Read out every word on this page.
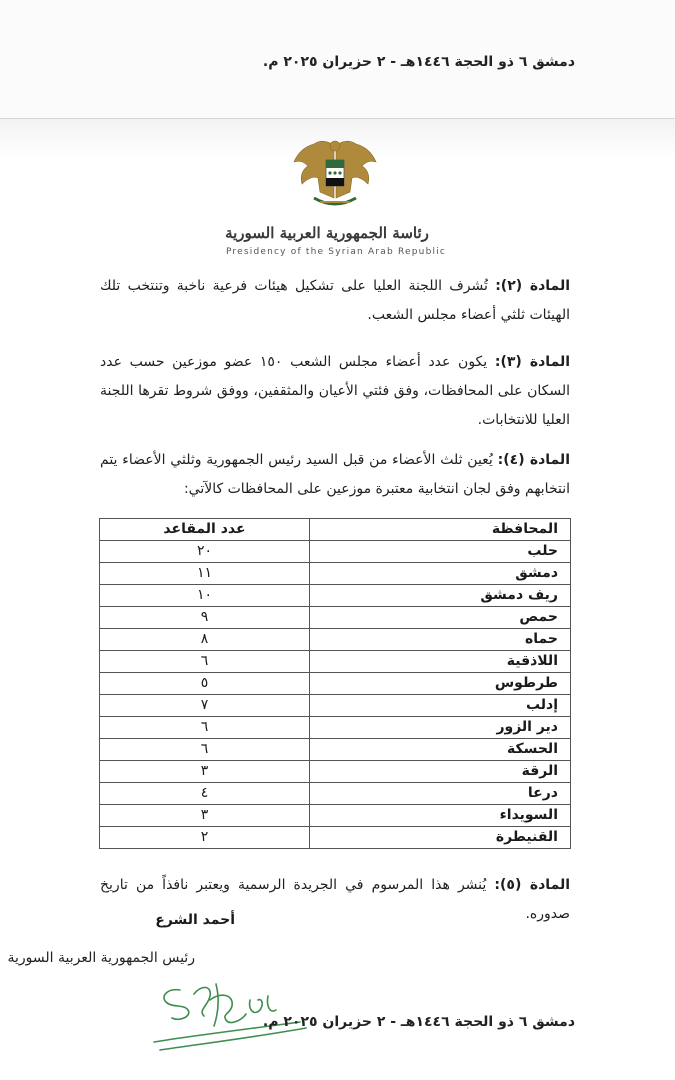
دمشق ٦ ذو الحجة ١٤٤٦هـ - ٢ حزيران ٢٠٢٥ م.
رئاسة الجمهورية العربية السورية
Presidency of the Syrian Arab Republic
المادة (٢): تُشرف اللجنة العليا على تشكيل هيئات فرعية ناخبة وتنتخب تلك الهيئات ثلثي أعضاء مجلس الشعب.
المادة (٣): يكون عدد أعضاء مجلس الشعب ١٥٠ عضو موزعين حسب عدد السكان على المحافظات، وفق فئتي الأعيان والمثقفين، ووفق شروط تقرها اللجنة العليا للانتخابات.
المادة (٤): يُعين ثلث الأعضاء من قبل السيد رئيس الجمهورية وثلثي الأعضاء يتم انتخابهم وفق لجان انتخابية معتبرة موزعين على المحافظات كالآتي:
المحافظة	عدد المقاعد
حلب	٢٠
دمشق	١١
ريف دمشق	١٠
حمص	٩
حماه	٨
اللاذقية	٦
طرطوس	٥
إدلب	٧
دير الزور	٦
الحسكة	٦
الرقة	٣
درعا	٤
السويداء	٣
القنيطرة	٢
المادة (٥): يُنشر هذا المرسوم في الجريدة الرسمية ويعتبر نافذاً من تاريخ صدوره.
أحمد الشرع
رئيس الجمهورية العربية السورية
دمشق ٦ ذو الحجة ١٤٤٦هـ - ٢ حزيران ٢٠٢٥ م.
